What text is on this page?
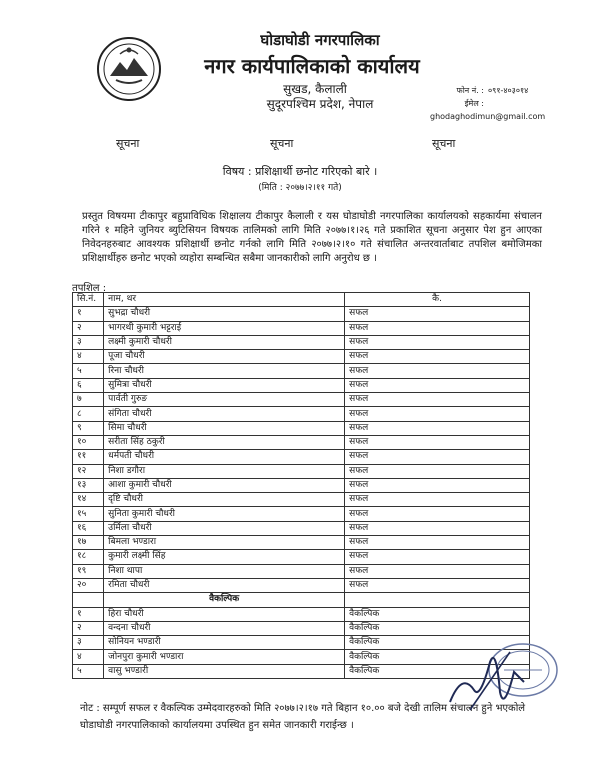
घोडाघोडी नगरपालिका
नगर कार्यपालिकाको कार्यालय
सुखड, कैलाली
सुदूरपश्चिम प्रदेश, नेपाल
फोन नं. : ०९१-४०३०१४
ईमेल :ghodaghodimun@gmail.com
सूचना	सूचना	सूचना
विषय : प्रशिक्षार्थी छनोट गरिएको बारे ।
(मिति : २०७७।२।११ गते)
प्रस्तुत विषयमा टीकापुर बहुप्राविधिक शिक्षालय टीकापुर कैलाली र यस घोडाघोडी नगरपालिका कार्यालयको सहकार्यमा संचालन गरिने १ महिने जुनियर ब्युटिसियन विषयक तालिमको लागि मिति २०७७।१।२६ गते प्रकाशित सूचना अनुसार पेश हुन आएका निवेदनहरुबाट आवश्यक प्रशिक्षार्थी छनोट गर्नको लागि मिति २०७७।२।१० गते संचालित अन्तरवार्ताबाट तपशिल बमोजिमका प्रशिक्षार्थीहरु छनोट भएको व्यहोरा सम्बन्धित सबैमा जानकारीको लागि अनुरोध छ ।
तपशिल :
सि.नं.	नाम, थर	कै.
१	सुभद्रा चौधरी	सफल
२	भागरथी कुमारी भट्टराई	सफल
३	लक्ष्मी कुमारी चौधरी	सफल
४	पूजा चौधरी	सफल
५	रिना चौधरी	सफल
६	सुमित्रा चौधरी	सफल
७	पार्वती गुरुङ	सफल
८	संगिता चौधरी	सफल
९	सिमा चौधरी	सफल
१०	सरीता सिंह ठकुरी	सफल
११	धर्मपती चौधरी	सफल
१२	निशा डगौरा	सफल
१३	आशा कुमारी चौधरी	सफल
१४	दृष्टि चौधरी	सफल
१५	सुनिता कुमारी चौधरी	सफल
१६	उर्मिला चौधरी	सफल
१७	बिमला भण्डारा	सफल
१८	कुमारी लक्ष्मी सिंह	सफल
१९	निशा थापा	सफल
२०	रमिता चौधरी	सफल
	वैकल्पिक	
१	हिरा चौधरी	वैकल्पिक
२	वन्दना चौधरी	वैकल्पिक
३	सोनियन भण्डारी	वैकल्पिक
४	जोनपुरा कुमारी भण्डारा	वैकल्पिक
५	वासु भण्डारी	वैकल्पिक
नोट : सम्पूर्ण सफल र वैकल्पिक उम्मेदवारहरुको मिति २०७७।२।१७ गते बिहान १०.०० बजे देखी तालिम संचालन हुने भएकोले घोडाघोडी नगरपालिकाको कार्यालयमा उपस्थित हुन समेत जानकारी गराईन्छ ।
